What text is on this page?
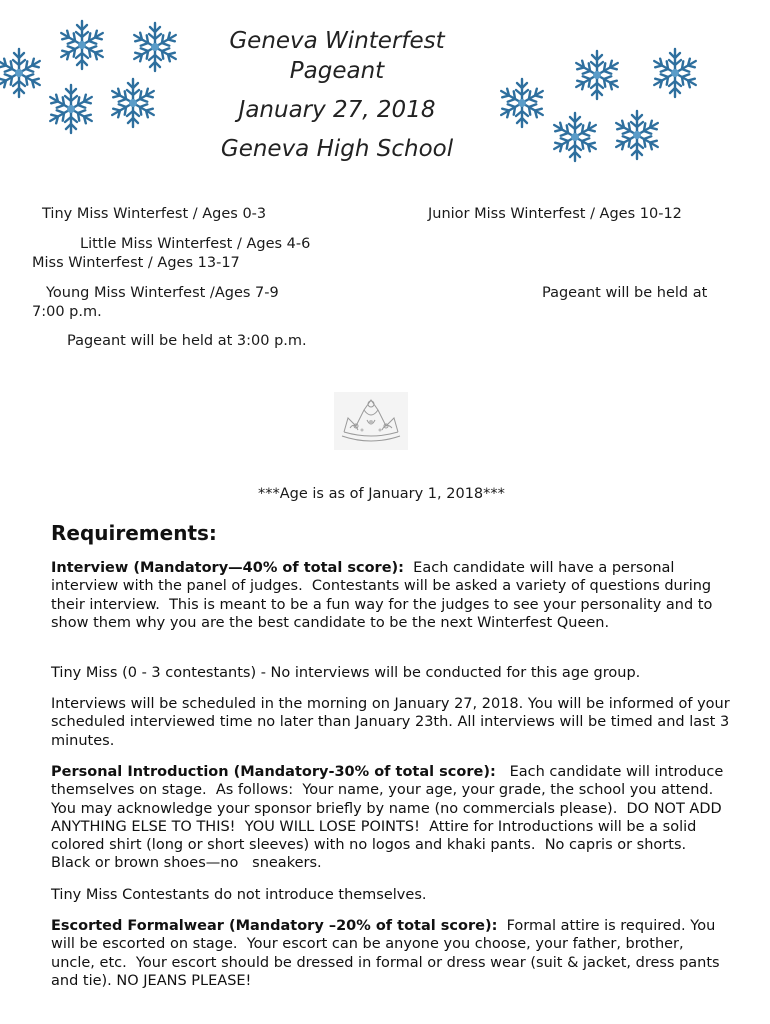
Geneva Winterfest
Pageant
January 27, 2018
Geneva High School
Tiny Miss Winterfest / Ages 0-3	Junior Miss Winterfest / Ages 10-12
Little Miss Winterfest / Ages 4-6
Miss Winterfest / Ages 13-17
Young Miss Winterfest /Ages 7-9	Pageant will be held at
7:00 p.m.
Pageant will be held at 3:00 p.m.
***Age is as of January 1, 2018***
Requirements:
Interview (Mandatory—40% of total score):  Each candidate will have a personal interview with the panel of judges.  Contestants will be asked a variety of questions during their interview.  This is meant to be a fun way for the judges to see your personality and to show them why you are the best candidate to be the next Winterfest Queen.
Tiny Miss (0 - 3 contestants) - No interviews will be conducted for this age group.
Interviews will be scheduled in the morning on January 27, 2018. You will be informed of your scheduled interviewed time no later than January 23th. All interviews will be timed and last 3 minutes.
Personal Introduction (Mandatory-30% of total score):   Each candidate will introduce themselves on stage.  As follows:  Your name, your age, your grade, the school you attend. You may acknowledge your sponsor briefly by name (no commercials please).  DO NOT ADD ANYTHING ELSE TO THIS!  YOU WILL LOSE POINTS!  Attire for Introductions will be a solid colored shirt (long or short sleeves) with no logos and khaki pants.  No capris or shorts.  Black or brown shoes—no   sneakers.
Tiny Miss Contestants do not introduce themselves.
Escorted Formalwear (Mandatory –20% of total score):  Formal attire is required. You will be escorted on stage.  Your escort can be anyone you choose, your father, brother, uncle, etc.  Your escort should be dressed in formal or dress wear (suit & jacket, dress pants and tie). NO JEANS PLEASE!
